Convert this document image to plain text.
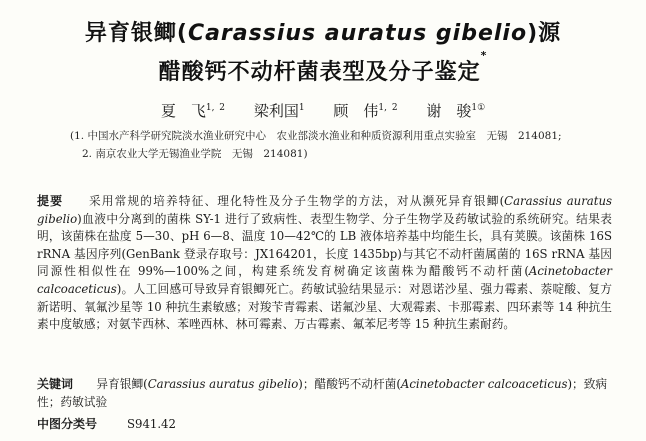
异育银鲫(Carassius auratus gibelio)源
醋酸钙不动杆菌表型及分子鉴定*
夏　飞$^{1, 2}$ 梁利国$^1$ 顾　伟$^{1, 2}$ 谢　骏$^{1①}$
(1. 中国水产科学研究院淡水渔业研究中心　农业部淡水渔业和种质资源利用重点实验室　无锡　214081;
2. 南京农业大学无锡渔业学院　无锡　214081)
提要　　 采用常规的培养特征、理化特性及分子生物学的方法，对从濒死异育银鲫(Carassius auratus gibelio)血液中分离到的菌株 SY-1 进行了致病性、表型生物学、分子生物学及药敏试验的系统研究。结果表明，该菌株在盐度 5—30、pH 6—8、温度 10—42℃的 LB 液体培养基中均能生长，具有荚膜。该菌株 16S rRNA 基因序列(GenBank 登录存取号：JX164201，长度 1435bp)与其它不动杆菌属菌的 16S rRNA 基因同源性相似性在 99%—100%之间，构建系统发育树确定该菌株为醋酸钙不动杆菌(Acinetobacter calcoaceticus)。人工回感可导致异育银鲫死亡。药敏试验结果显示：对恩诺沙星、强力霉素、萘啶酸、复方新诺明、氧氟沙星等 10 种抗生素敏感；对羧苄青霉素、诺氟沙星、大观霉素、卡那霉素、四环素等 14 种抗生素中度敏感；对氨苄西林、苯唑西林、林可霉素、万古霉素、氟苯尼考等 15 种抗生素耐药。
关键词　　 异育银鲫(Carassius auratus gibelio)；醋酸钙不动杆菌(Acinetobacter calcoaceticus)；致病性；药敏试验
中图分类号	S941.42
